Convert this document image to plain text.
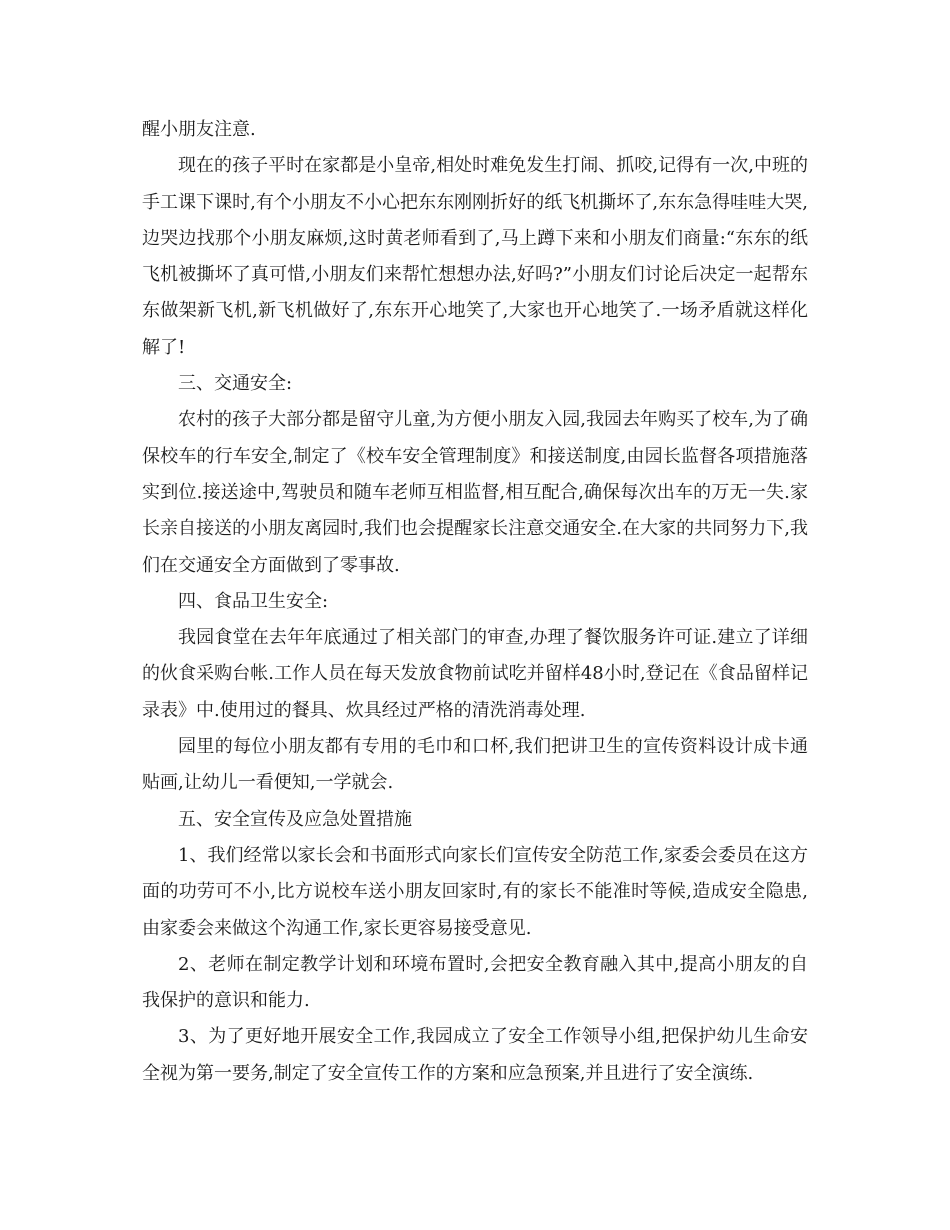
醒小朋友注意.

现在的孩子平时在家都是小皇帝,相处时难免发生打闹、抓咬,记得有一次,中班的手工课下课时,有个小朋友不小心把东东刚刚折好的纸飞机撕坏了,东东急得哇哇大哭,边哭边找那个小朋友麻烦,这时黄老师看到了,马上蹲下来和小朋友们商量:“东东的纸飞机被撕坏了真可惜,小朋友们来帮忙想想办法,好吗?”小朋友们讨论后决定一起帮东东做架新飞机,新飞机做好了,东东开心地笑了,大家也开心地笑了.一场矛盾就这样化解了!

三、交通安全:

农村的孩子大部分都是留守儿童,为方便小朋友入园,我园去年购买了校车,为了确保校车的行车安全,制定了《校车安全管理制度》和接送制度,由园长监督各项措施落实到位.接送途中,驾驶员和随车老师互相监督,相互配合,确保每次出车的万无一失.家长亲自接送的小朋友离园时,我们也会提醒家长注意交通安全.在大家的共同努力下,我们在交通安全方面做到了零事故.

四、食品卫生安全:

我园食堂在去年年底通过了相关部门的审查,办理了餐饮服务许可证.建立了详细的伙食采购台帐.工作人员在每天发放食物前试吃并留样48小时,登记在《食品留样记录表》中.使用过的餐具、炊具经过严格的清洗消毒处理.

园里的每位小朋友都有专用的毛巾和口杯,我们把讲卫生的宣传资料设计成卡通贴画,让幼儿一看便知,一学就会.

五、安全宣传及应急处置措施

1、我们经常以家长会和书面形式向家长们宣传安全防范工作,家委会委员在这方面的功劳可不小,比方说校车送小朋友回家时,有的家长不能准时等候,造成安全隐患,由家委会来做这个沟通工作,家长更容易接受意见.

2、老师在制定教学计划和环境布置时,会把安全教育融入其中,提高小朋友的自我保护的意识和能力.

3、为了更好地开展安全工作,我园成立了安全工作领导小组,把保护幼儿生命安全视为第一要务,制定了安全宣传工作的方案和应急预案,并且进行了安全演练.
